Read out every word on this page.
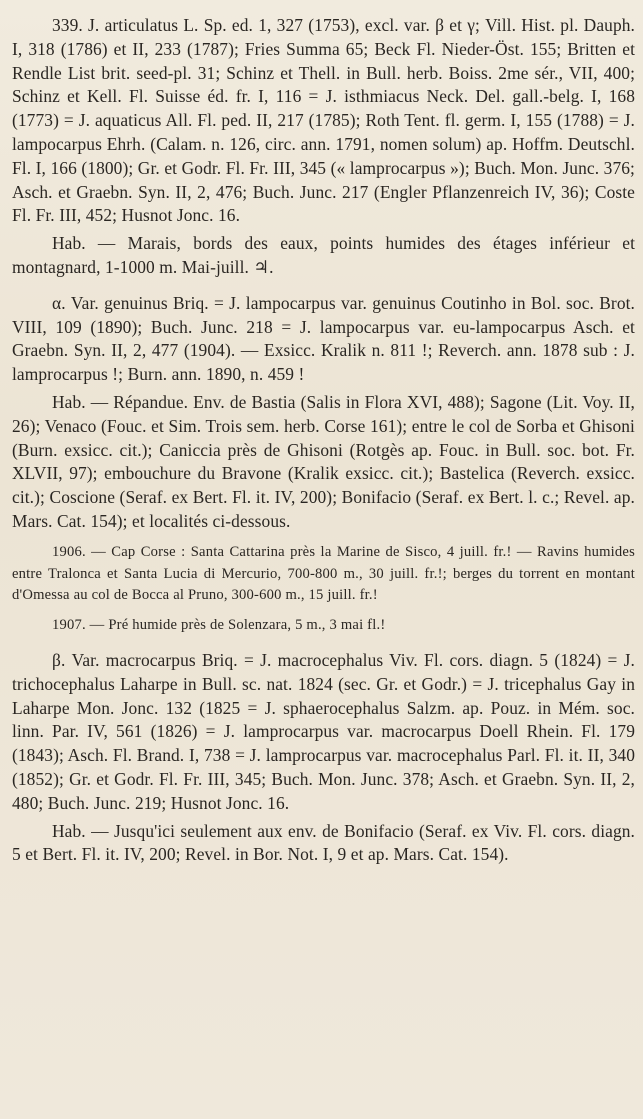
339. J. articulatus L. Sp. ed. 1, 327 (1753), excl. var. β et γ; Vill. Hist. pl. Dauph. I, 318 (1786) et II, 233 (1787); Fries Summa 65; Beck Fl. Nieder-Öst. 155; Britten et Rendle List brit. seed-pl. 31; Schinz et Thell. in Bull. herb. Boiss. 2me sér., VII, 400; Schinz et Kell. Fl. Suisse éd. fr. I, 116 = J. isthmiacus Neck. Del. gall.-belg. I, 168 (1773) = J. aquaticus All. Fl. ped. II, 217 (1785); Roth Tent. fl. germ. I, 155 (1788) = J. lampocarpus Ehrh. (Calam. n. 126, circ. ann. 1791, nomen solum) ap. Hoffm. Deutschl. Fl. I, 166 (1800); Gr. et Godr. Fl. Fr. III, 345 (« lamprocarpus »); Buch. Mon. Junc. 376; Asch. et Graebn. Syn. II, 2, 476; Buch. Junc. 217 (Engler Pflanzenreich IV, 36); Coste Fl. Fr. III, 452; Husnot Jonc. 16.

Hab. — Marais, bords des eaux, points humides des étages inférieur et montagnard, 1-1000 m. Mai-juill. ♃.

α. Var. genuinus Briq. = J. lampocarpus var. genuinus Coutinho in Bol. soc. Brot. VIII, 109 (1890); Buch. Junc. 218 = J. lampocarpus var. eu-lampocarpus Asch. et Graebn. Syn. II, 2, 477 (1904). — Exsicc. Kralik n. 811 !; Reverch. ann. 1878 sub : J. lamprocarpus !; Burn. ann. 1890, n. 459 !

Hab. — Répandue. Env. de Bastia (Salis in Flora XVI, 488); Sagone (Lit. Voy. II, 26); Venaco (Fouc. et Sim. Trois sem. herb. Corse 161); entre le col de Sorba et Ghisoni (Burn. exsicc. cit.); Caniccia près de Ghisoni (Rotgès ap. Fouc. in Bull. soc. bot. Fr. XLVII, 97); embouchure du Bravone (Kralik exsicc. cit.); Bastelica (Reverch. exsicc. cit.); Coscione (Seraf. ex Bert. Fl. it. IV, 200); Bonifacio (Seraf. ex Bert. l. c.; Revel. ap. Mars. Cat. 154); et localités ci-dessous.

1906. — Cap Corse : Santa Cattarina près la Marine de Sisco, 4 juill. fr.! — Ravins humides entre Tralonca et Santa Lucia di Mercurio, 700-800 m., 30 juill. fr.!; berges du torrent en montant d'Omessa au col de Bocca al Pruno, 300-600 m., 15 juill. fr.!

1907. — Pré humide près de Solenzara, 5 m., 3 mai fl.!

β. Var. macrocarpus Briq. = J. macrocephalus Viv. Fl. cors. diagn. 5 (1824) = J. trichocephalus Laharpe in Bull. sc. nat. 1824 (sec. Gr. et Godr.) = J. tricephalus Gay in Laharpe Mon. Jonc. 132 (1825 = J. sphaerocephalus Salzm. ap. Pouz. in Mém. soc. linn. Par. IV, 561 (1826) = J. lamprocarpus var. macrocarpus Doell Rhein. Fl. 179 (1843); Asch. Fl. Brand. I, 738 = J. lamprocarpus var. macrocephalus Parl. Fl. it. II, 340 (1852); Gr. et Godr. Fl. Fr. III, 345; Buch. Mon. Junc. 378; Asch. et Graebn. Syn. II, 2, 480; Buch. Junc. 219; Husnot Jonc. 16.

Hab. — Jusqu'ici seulement aux env. de Bonifacio (Seraf. ex Viv. Fl. cors. diagn. 5 et Bert. Fl. it. IV, 200; Revel. in Bor. Not. I, 9 et ap. Mars. Cat. 154).
